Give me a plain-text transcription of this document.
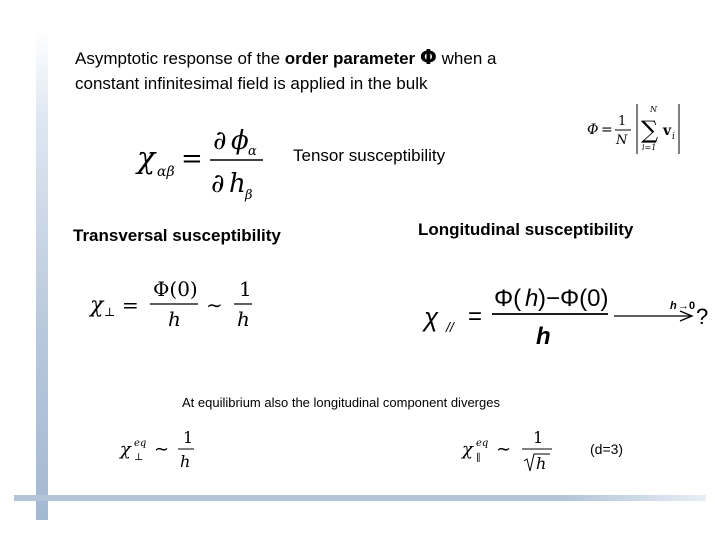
Asymptotic response of the order parameter Φ when a
constant infinitesimal field is applied in the bulk
Φ =
1
N
N
∑
i=1
v i
χ αβ =
∂ ϕ α
∂ h β
Tensor susceptibility
Transversal susceptibility	Longitudinal susceptibility
χ ⊥ =
Φ(0)
h
∼
1
h	χ // =
Φ( h )−Φ(0)
h
h →0 ?
At equilibrium also the longitudinal component diverges
χ eq
⊥ ∼
1
h
χ eq
∥ ∼
1
h
(d=3)
